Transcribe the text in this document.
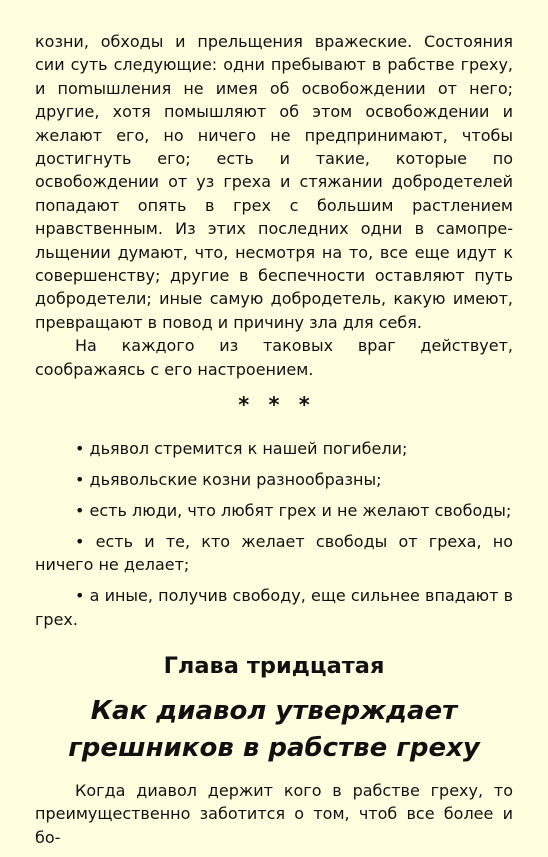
козни, обходы и прельщения вражеские. Состояния сии суть следующие: одни пребывают в рабстве греху, и поmышления не имея об освобождении от него; другие, хотя помышляют об этом освобождении и желают его, но ничего не предпринимают, чтобы достигнуть его; есть и такие, которые по освобождении от уз греха и стяжании добродетелей попадают опять в грех с большим растлением нравственным. Из этих последних одни в самопрельщении думают, что, несмотря на то, все еще идут к совершенству; другие в беспечности оставляют путь добродетели; иные самую добродетель, какую имеют, превращают в повод и причину зла для себя.

На каждого из таковых враг действует, соображаясь с его настроением.

* * *

• дьявол стремится к нашей погибели;

• дьявольские козни разнообразны;

• есть люди, что любят грех и не желают свободы;

• есть и те, кто желает свободы от греха, но ничего не делает;

• а иные, получив свободу, еще сильнее впадают в грех.

Глава тридцатая
Как диавол утверждает грешников в рабстве греху

Когда диавол держит кого в рабстве греху, то преимущественно заботится о том, чтоб все более и бо-
